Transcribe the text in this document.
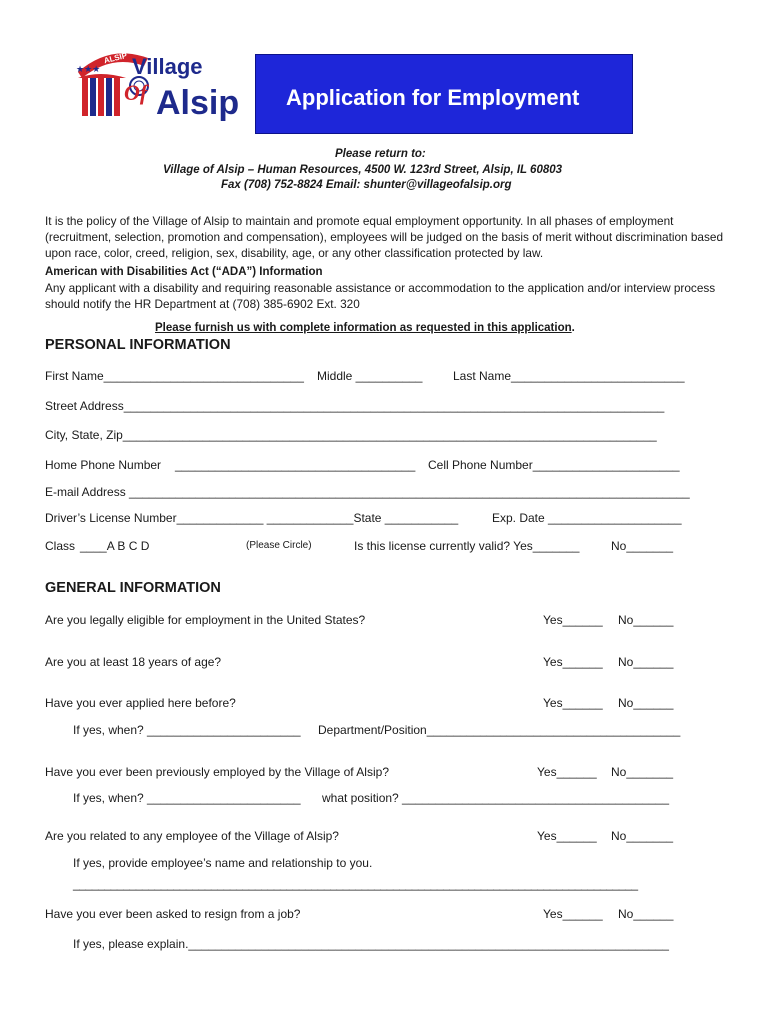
ALSIP
★★★ Village
Of Alsip Application for Employment
Please return to:
Village of Alsip – Human Resources, 4500 W. 123rd Street, Alsip, IL 60803
Fax (708) 752-8824 Email: shunter@villageofalsip.org
It is the policy of the Village of Alsip to maintain and promote equal employment opportunity. In all phases of employment (recruitment, selection, promotion and compensation), employees will be judged on the basis of merit without discrimination based upon race, color, creed, religion, sex, disability, age, or any other classification protected by law.
American with Disabilities Act (“ADA”) Information
Any applicant with a disability and requiring reasonable assistance or accommodation to the application and/or interview process should notify the HR Department at (708) 385-6902 Ext. 320
Please furnish us with complete information as requested in this application.
PERSONAL INFORMATION
First Name______________________________ Middle __________	Last Name__________________________
Street Address_________________________________________________________________________________
City, State, Zip________________________________________________________________________________
Home Phone Number ____________________________________ Cell Phone Number______________________
E-mail Address ____________________________________________________________________________________
Driver’s License Number_____________ _____________State ___________	Exp. Date ____________________
Class ____A B C D	(Please Circle)	Is this license currently valid? Yes_______	No_______
GENERAL INFORMATION
Are you legally eligible for employment in the United States?	Yes______ No______
Are you at least 18 years of age?	Yes______ No______
Have you ever applied here before?	Yes______ No______
If yes, when? _______________________ Department/Position______________________________________
Have you ever been previously employed by the Village of Alsip?	Yes______ No_______
If yes, when? _______________________ what position? ________________________________________
Are you related to any employee of the Village of Alsip?	Yes______ No_______
If yes, provide employee’s name and relationship to you.
__________________________________________________________________________________________
Have you ever been asked to resign from a job?	Yes______ No______
If yes, please explain.________________________________________________________________________
